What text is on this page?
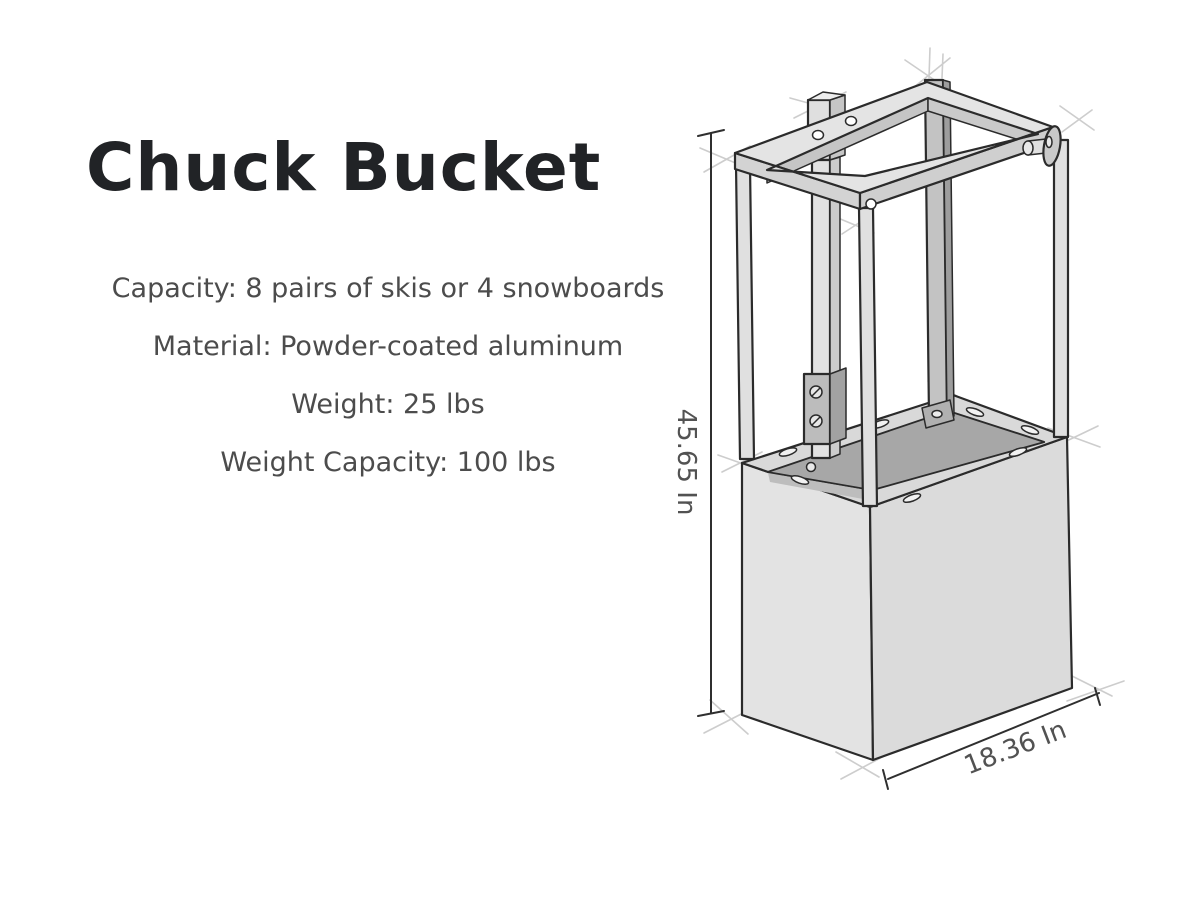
Chuck Bucket
Capacity: 8 pairs of skis or 4 snowboards
Material: Powder-coated aluminum
Weight: 25 lbs
Weight Capacity: 100 lbs	45.65 In
18.36 In
